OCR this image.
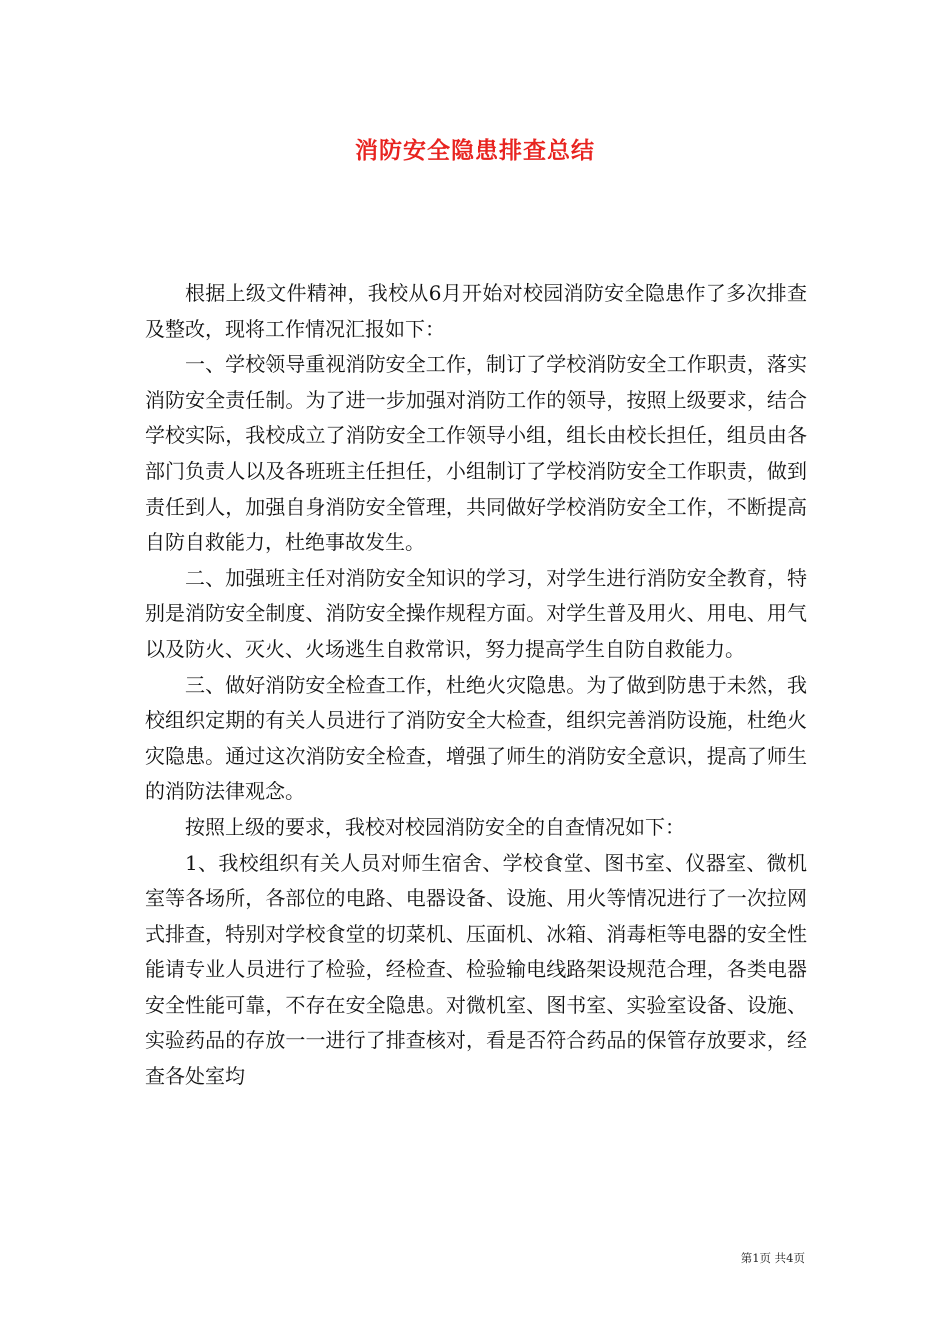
消防安全隐患排查总结

根据上级文件精神，我校从6月开始对校园消防安全隐患作了多次排查及整改，现将工作情况汇报如下：

一、学校领导重视消防安全工作，制订了学校消防安全工作职责，落实消防安全责任制。为了进一步加强对消防工作的领导，按照上级要求，结合学校实际，我校成立了消防安全工作领导小组，组长由校长担任，组员由各部门负责人以及各班班主任担任，小组制订了学校消防安全工作职责，做到责任到人，加强自身消防安全管理，共同做好学校消防安全工作，不断提高自防自救能力，杜绝事故发生。

二、加强班主任对消防安全知识的学习，对学生进行消防安全教育，特别是消防安全制度、消防安全操作规程方面。对学生普及用火、用电、用气以及防火、灭火、火场逃生自救常识，努力提高学生自防自救能力。

三、做好消防安全检查工作，杜绝火灾隐患。为了做到防患于未然，我校组织定期的有关人员进行了消防安全大检查，组织完善消防设施，杜绝火灾隐患。通过这次消防安全检查，增强了师生的消防安全意识，提高了师生的消防法律观念。

按照上级的要求，我校对校园消防安全的自查情况如下：

1、我校组织有关人员对师生宿舍、学校食堂、图书室、仪器室、微机室等各场所，各部位的电路、电器设备、设施、用火等情况进行了一次拉网式排查，特别对学校食堂的切菜机、压面机、冰箱、消毒柜等电器的安全性能请专业人员进行了检验，经检查、检验输电线路架设规范合理，各类电器安全性能可靠，不存在安全隐患。对微机室、图书室、实验室设备、设施、实验药品的存放一一进行了排查核对，看是否符合药品的保管存放要求，经查各处室均

第1页 共4页
